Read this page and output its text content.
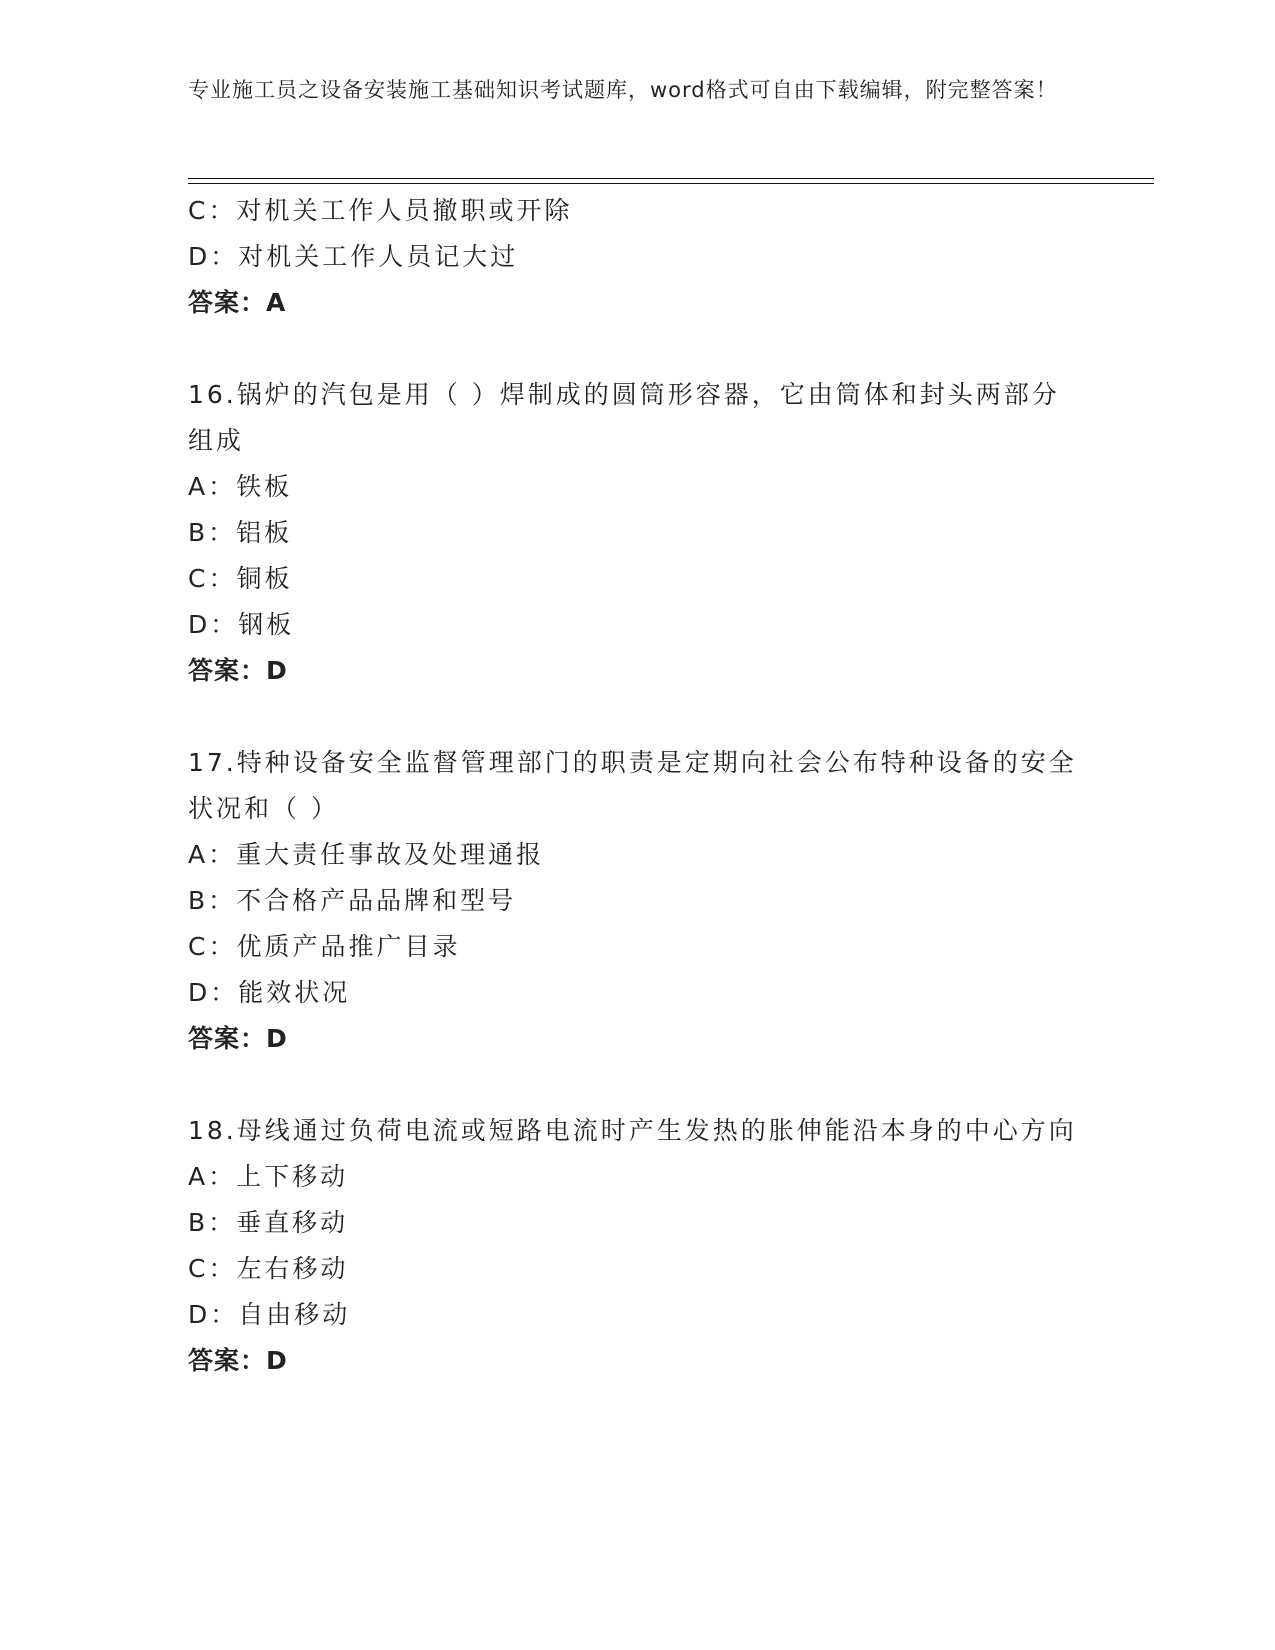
专业施工员之设备安装施工基础知识考试题库，word格式可自由下载编辑，附完整答案！
C：对机关工作人员撤职或开除
D：对机关工作人员记大过
答案：A
16.锅炉的汽包是用（ ）焊制成的圆筒形容器，它由筒体和封头两部分组成
A：铁板
B：铝板
C：铜板
D：钢板
答案：D
17.特种设备安全监督管理部门的职责是定期向社会公布特种设备的安全状况和（ ）
A：重大责任事故及处理通报
B：不合格产品品牌和型号
C：优质产品推广目录
D：能效状况
答案：D
18.母线通过负荷电流或短路电流时产生发热的胀伸能沿本身的中心方向
A：上下移动
B：垂直移动
C：左右移动
D：自由移动
答案：D
